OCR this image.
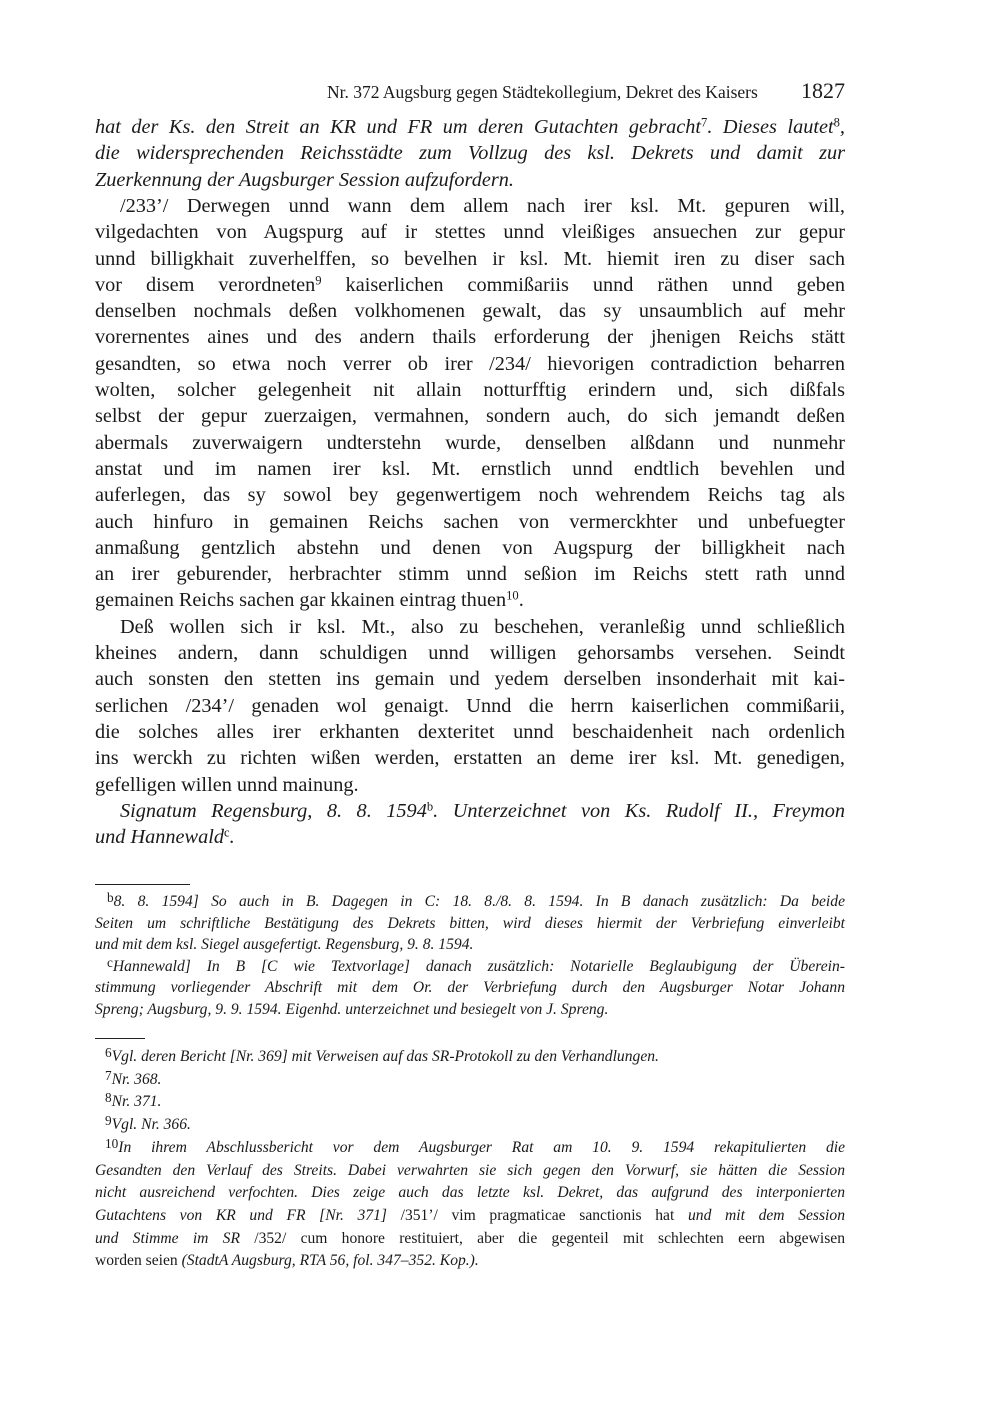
Nr. 372 Augsburg gegen Städtekollegium, Dekret des Kaisers 1827
hat der Ks. den Streit an KR und FR um deren Gutachten gebracht$^7$. Dieses lautet$^8$,
die widersprechenden Reichsstädte zum Vollzug des ksl. Dekrets und damit zur
Zuerkennung der Augsburger Session aufzufordern.
/233’/ Derwegen unnd wann dem allem nach irer ksl. Mt. gepuren will,
vilgedachten von Augspurg auf ir stettes unnd vleißiges ansuechen zur gepur
unnd billigkhait zuverhelffen, so bevelhen ir ksl. Mt. hiemit iren zu diser sach
vor disem verordneten$^9$ kaiserlichen commißariis unnd räthen unnd geben
denselben nochmals deßen volkhomenen gewalt, das sy unsaumblich auf mehr
vorernentes aines und des andern thails erforderung der jhenigen Reichs stätt
gesandten, so etwa noch verrer ob irer /234/ hievorigen contradiction beharren
wolten, solcher gelegenheit nit allain notturfftig erindern und, sich dißfals
selbst der gepur zuerzaigen, vermahnen, sondern auch, do sich jemandt deßen
abermals zuverwaigern undterstehn wurde, denselben alßdann und nunmehr
anstat und im namen irer ksl. Mt. ernstlich unnd endtlich bevehlen und
auferlegen, das sy sowol bey gegenwertigem noch wehrendem Reichs tag als
auch hinfuro in gemainen Reichs sachen von vermerckhter und unbefuegter
anmaßung gentzlich abstehn und denen von Augspurg der billigkheit nach
an irer geburender, herbrachter stimm unnd seßion im Reichs stett rath unnd
gemainen Reichs sachen gar kkainen eintrag thuen$^{10}$.
Deß wollen sich ir ksl. Mt., also zu beschehen, veranleßig unnd schließlich
kheines andern, dann schuldigen unnd willigen gehorsambs versehen. Seindt
auch sonsten den stetten ins gemain und yedem derselben insonderhait mit kai-
serlichen /234’/ genaden wol genaigt. Unnd die herrn kaiserlichen commißarii,
die solches alles irer erkhanten dexteritet unnd beschaidenheit nach ordenlich
ins werckh zu richten wißen werden, erstatten an deme irer ksl. Mt. genedigen,
gefelligen willen unnd mainung.
Signatum Regensburg, 8. 8. 1594$^b$. Unterzeichnet von Ks. Rudolf II., Freymon
und Hannewald$^c$.
b8. 8. 1594] So auch in B. Dagegen in C: 18. 8./8. 8. 1594. In B danach zusätzlich: Da beide
Seiten um schriftliche Bestätigung des Dekrets bitten, wird dieses hiermit der Verbriefung einverleibt
und mit dem ksl. Siegel ausgefertigt. Regensburg, 9. 8. 1594.
cHannewald] In B [C wie Textvorlage] danach zusätzlich: Notarielle Beglaubigung der Überein-
stimmung vorliegender Abschrift mit dem Or. der Verbriefung durch den Augsburger Notar Johann
Spreng; Augsburg, 9. 9. 1594. Eigenhd. unterzeichnet und besiegelt von J. Spreng.
6Vgl. deren Bericht [Nr. 369] mit Verweisen auf das SR-Protokoll zu den Verhandlungen.
7Nr. 368.
8Nr. 371.
9Vgl. Nr. 366.
10In ihrem Abschlussbericht vor dem Augsburger Rat am 10. 9. 1594 rekapitulierten die
Gesandten den Verlauf des Streits. Dabei verwahrten sie sich gegen den Vorwurf, sie hätten die Session
nicht ausreichend verfochten. Dies zeige auch das letzte ksl. Dekret, das aufgrund des interponierten
Gutachtens von KR und FR [Nr. 371] /351’/ vim pragmaticae sanctionis hat und mit dem Session
und Stimme im SR /352/ cum honore restituiert, aber die gegenteil mit schlechten eern abgewisen
worden seien (StadtA Augsburg, RTA 56, fol. 347–352. Kop.).
